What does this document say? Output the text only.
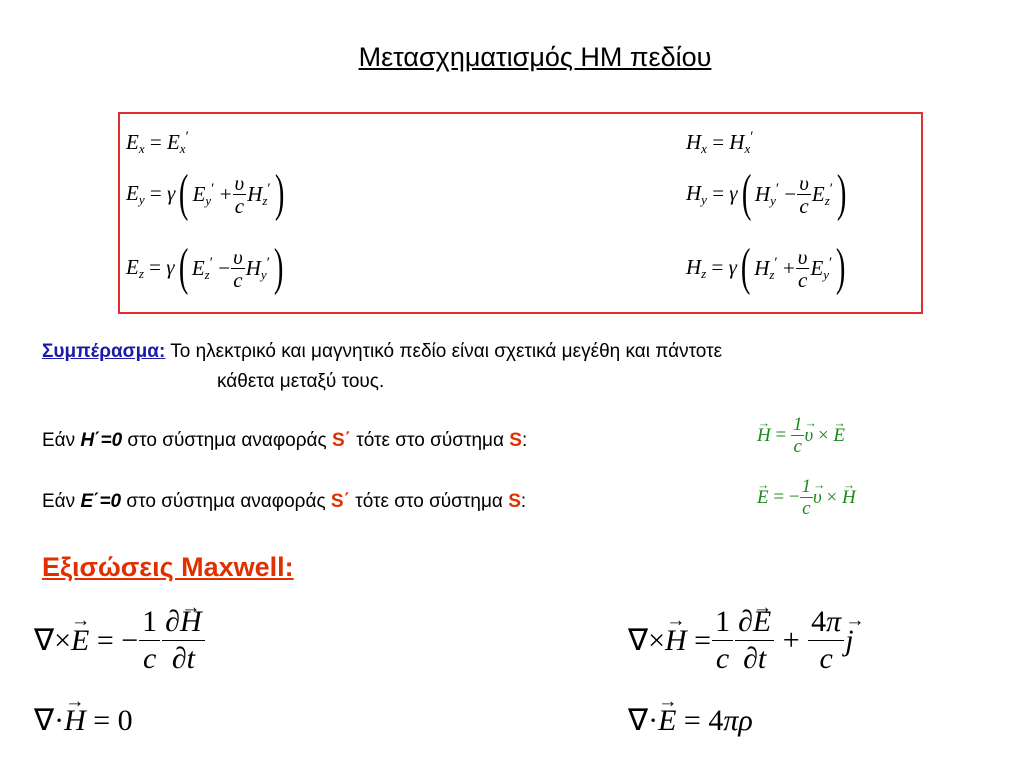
Μετασχηματισμός ΗΜ πεδίου
$E_x = E_x'$	$H_x = H_x'$
$E_y = \gamma$( $E_y' + \frac{\upsilon}{c} H_z'$)	$H_y = \gamma$( $H_y' - \frac{\upsilon}{c} E_z'$)
$E_z = \gamma$( $E_z' - \frac{\upsilon}{c} H_y'$)	$H_z = \gamma$( $H_z' + \frac{\upsilon}{c} E_y'$)
Συμπέρασμα: Το ηλεκτρικό και μαγνητικό πεδίο είναι σχετικά μεγέθη και πάντοτε
κάθετα μεταξύ τους.
Εάν H΄=0 στο σύστημα αναφοράς S΄ τότε στο σύστημα S:
→	$H = \frac{1}{c}$
→ υ × → E
Εάν E΄=0 στο σύστημα αναφοράς S΄ τότε στο σύστημα S:
→	E = − $\frac{1}{c}$
→ υ × → H
Εξισώσεις Maxwell:
∇×→ E = − $\frac{1}{c} \frac{\partial\to H}{\partial t}$	∇×→ $H = \frac{1}{c} \frac{\partial\to E}{\partial t} + \frac{4\pi}{c}$
→ j
∇·→ H = 0	∇·→ E = 4πρ
